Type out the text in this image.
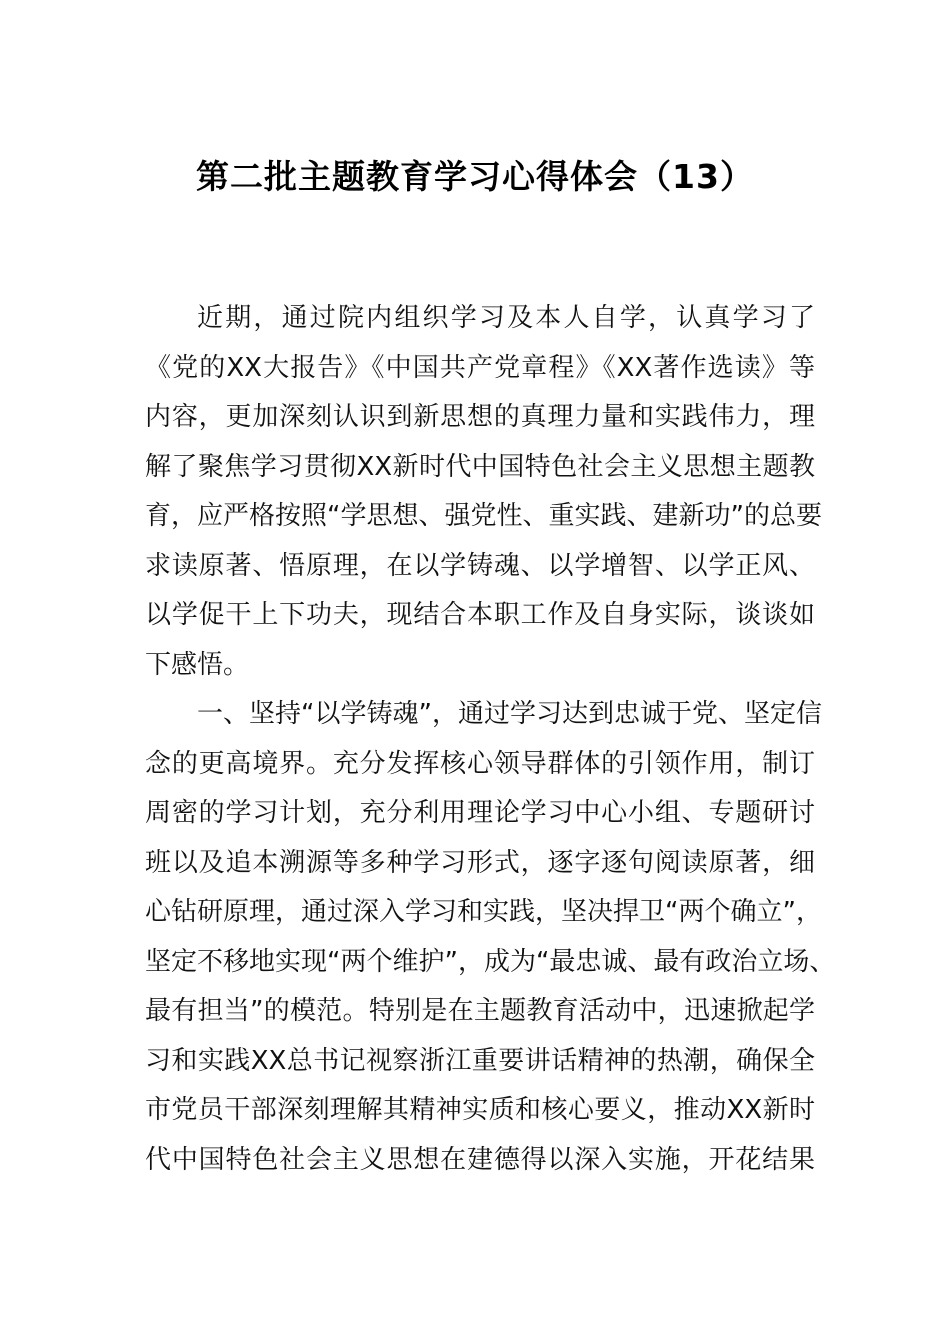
第二批主题教育学习心得体会（13）
近期，通过院内组织学习及本人自学，认真学习了
《党的XX大报告》《中国共产党章程》《XX著作选读》等
内容，更加深刻认识到新思想的真理力量和实践伟力，理
解了聚焦学习贯彻XX新时代中国特色社会主义思想主题教
育，应严格按照“学思想、强党性、重实践、建新功”的总要
求读原著、悟原理，在以学铸魂、以学增智、以学正风、
以学促干上下功夫，现结合本职工作及自身实际，谈谈如
下感悟。
一、坚持“以学铸魂”，通过学习达到忠诚于党、坚定信
念的更高境界。充分发挥核心领导群体的引领作用，制订
周密的学习计划，充分利用理论学习中心小组、专题研讨
班以及追本溯源等多种学习形式，逐字逐句阅读原著，细
心钻研原理，通过深入学习和实践，坚决捍卫“两个确立”，
坚定不移地实现“两个维护”，成为“最忠诚、最有政治立场、
最有担当”的模范。特别是在主题教育活动中，迅速掀起学
习和实践XX总书记视察浙江重要讲话精神的热潮，确保全
市党员干部深刻理解其精神实质和核心要义，推动XX新时
代中国特色社会主义思想在建德得以深入实施，开花结果
